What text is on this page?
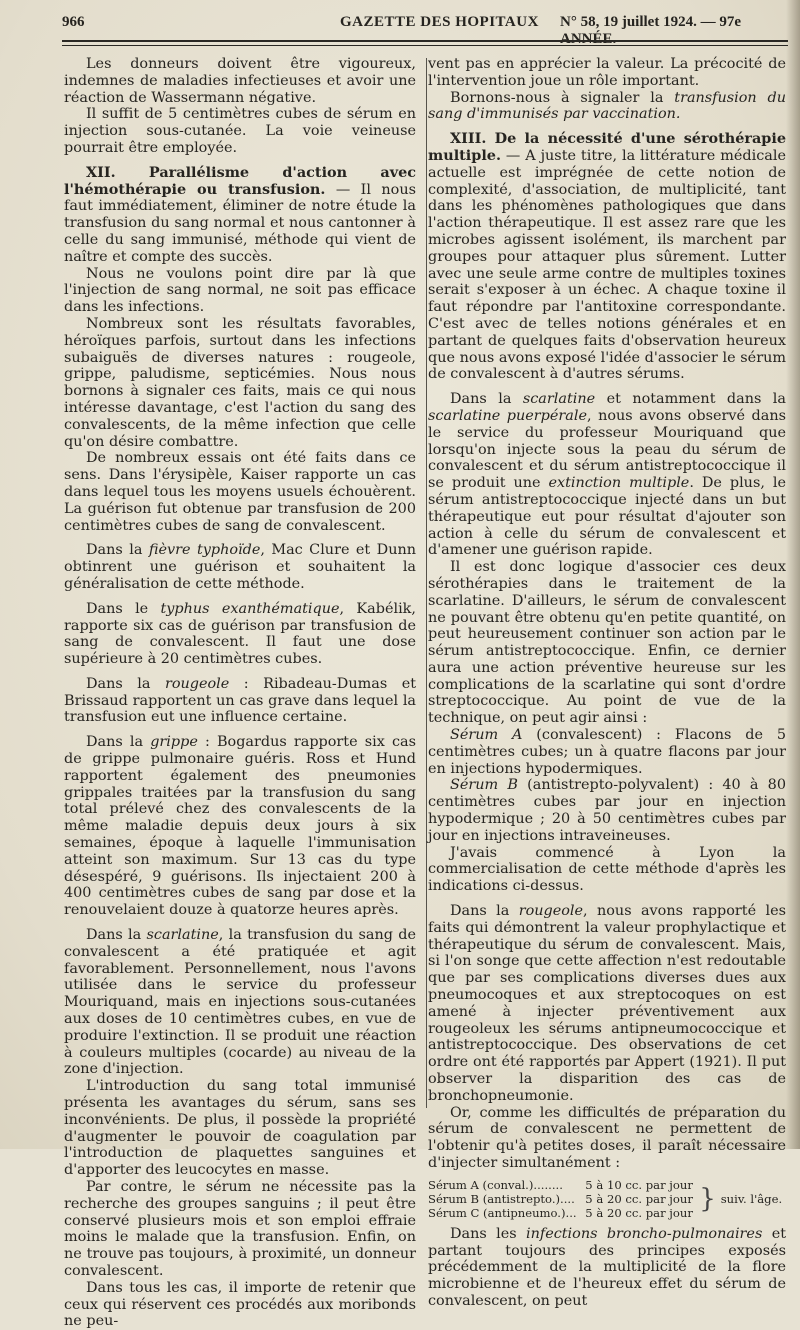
966	GAZETTE DES HOPITAUX N° 58, 19 juillet 1924. — 97e ANNÉE.

Les donneurs doivent être vigoureux, indemnes de maladies infectieuses et avoir une réaction de Wassermann négative.

Il suffit de 5 centimètres cubes de sérum en injection sous-cutanée. La voie veineuse pourrait être employée.

XII. Parallélisme d'action avec l'hémothérapie ou transfusion. — Il nous faut immédiatement, éliminer de notre étude la transfusion du sang normal et nous cantonner à celle du sang immunisé, méthode qui vient de naître et compte des succès.

Nous ne voulons point dire par là que l'injection de sang normal, ne soit pas efficace dans les infections.

Nombreux sont les résultats favorables, héroïques parfois, surtout dans les infections subaiguës de diverses natures : rougeole, grippe, paludisme, septicémies. Nous nous bornons à signaler ces faits, mais ce qui nous intéresse davantage, c'est l'action du sang des convalescents, de la même infection que celle qu'on désire combattre.

De nombreux essais ont été faits dans ce sens. Dans l'érysipèle, Kaiser rapporte un cas dans lequel tous les moyens usuels échouèrent. La guérison fut obtenue par transfusion de 200 centimètres cubes de sang de convalescent.

Dans la fièvre typhoïde, Mac Clure et Dunn obtinrent une guérison et souhaitent la généralisation de cette méthode.

Dans le typhus exanthématique, Kabélik, rapporte six cas de guérison par transfusion de sang de convalescent. Il faut une dose supérieure à 20 centimètres cubes.

Dans la rougeole : Ribadeau-Dumas et Brissaud rapportent un cas grave dans lequel la transfusion eut une influence certaine.

Dans la grippe : Bogardus rapporte six cas de grippe pulmonaire guéris. Ross et Hund rapportent également des pneumonies grippales traitées par la transfusion du sang total prélevé chez des convalescents de la même maladie depuis deux jours à six semaines, époque à laquelle l'immunisation atteint son maximum. Sur 13 cas du type désespéré, 9 guérisons. Ils injectaient 200 à 400 centimètres cubes de sang par dose et la renouvelaient douze à quatorze heures après.

Dans la scarlatine, la transfusion du sang de convalescent a été pratiquée et agit favorablement. Personnellement, nous l'avons utilisée dans le service du professeur Mouriquand, mais en injections sous-cutanées aux doses de 10 centimètres cubes, en vue de produire l'extinction. Il se produit une réaction à couleurs multiples (cocarde) au niveau de la zone d'injection.

L'introduction du sang total immunisé présenta les avantages du sérum, sans ses inconvénients. De plus, il possède la propriété d'augmenter le pouvoir de coagulation par l'introduction de plaquettes sanguines et d'apporter des leucocytes en masse.

Par contre, le sérum ne nécessite pas la recherche des groupes sanguins ; il peut être conservé plusieurs mois et son emploi effraie moins le malade que la transfusion. Enfin, on ne trouve pas toujours, à proximité, un donneur convalescent.

Dans tous les cas, il importe de retenir que ceux qui réservent ces procédés aux moribonds ne peu-

vent pas en apprécier la valeur. La précocité de l'intervention joue un rôle important.

Bornons-nous à signaler la transfusion du sang d'immunisés par vaccination.

XIII. De la nécessité d'une sérothérapie multiple. — A juste titre, la littérature médicale actuelle est imprégnée de cette notion de complexité, d'association, de multiplicité, tant dans les phénomènes pathologiques que dans l'action thérapeutique. Il est assez rare que les microbes agissent isolément, ils marchent par groupes pour attaquer plus sûrement. Lutter avec une seule arme contre de multiples toxines serait s'exposer à un échec. A chaque toxine il faut répondre par l'antitoxine correspondante. C'est avec de telles notions générales et en partant de quelques faits d'observation heureux que nous avons exposé l'idée d'associer le sérum de convalescent à d'autres sérums.

Dans la scarlatine et notamment dans la scarlatine puerpérale, nous avons observé dans le service du professeur Mouriquand que lorsqu'on injecte sous la peau du sérum de convalescent et du sérum antistreptococcique il se produit une extinction multiple. De plus, le sérum antistreptococcique injecté dans un but thérapeutique eut pour résultat d'ajouter son action à celle du sérum de convalescent et d'amener une guérison rapide.

Il est donc logique d'associer ces deux sérothérapies dans le traitement de la scarlatine. D'ailleurs, le sérum de convalescent ne pouvant être obtenu qu'en petite quantité, on peut heureusement continuer son action par le sérum antistreptococcique. Enfin, ce dernier aura une action préventive heureuse sur les complications de la scarlatine qui sont d'ordre streptococcique. Au point de vue de la technique, on peut agir ainsi :

Sérum A (convalescent) : Flacons de 5 centimètres cubes; un à quatre flacons par jour en injections hypodermiques.

Sérum B (antistrepto-polyvalent) : 40 à 80 centimètres cubes par jour en injection hypodermique ; 20 à 50 centimètres cubes par jour en injections intraveineuses.

J'avais commencé à Lyon la commercialisation de cette méthode d'après les indications ci-dessus.

Dans la rougeole, nous avons rapporté les faits qui démontrent la valeur prophylactique et thérapeutique du sérum de convalescent. Mais, si l'on songe que cette affection n'est redoutable que par ses complications diverses dues aux pneumocoques et aux streptocoques on est amené à injecter préventivement aux rougeoleux les sérums antipneumococcique et antistreptococcique. Des observations de cet ordre ont été rapportés par Appert (1921). Il put observer la disparition des cas de bronchopneumonie.

Or, comme les difficultés de préparation du sérum de convalescent ne permettent de l'obtenir qu'à petites doses, il paraît nécessaire d'injecter simultanément :

Sérum A (conval.)........	5 à 10 cc. par jour	}	suiv. l'âge.
Sérum B (antistrepto.)....	5 à 20 cc. par jour		
Sérum C (antipneumo.)...	5 à 20 cc. par jour		

Dans les infections broncho-pulmonaires et partant toujours des principes exposés précédemment de la multiplicité de la flore microbienne et de l'heureux effet du sérum de convalescent, on peut
